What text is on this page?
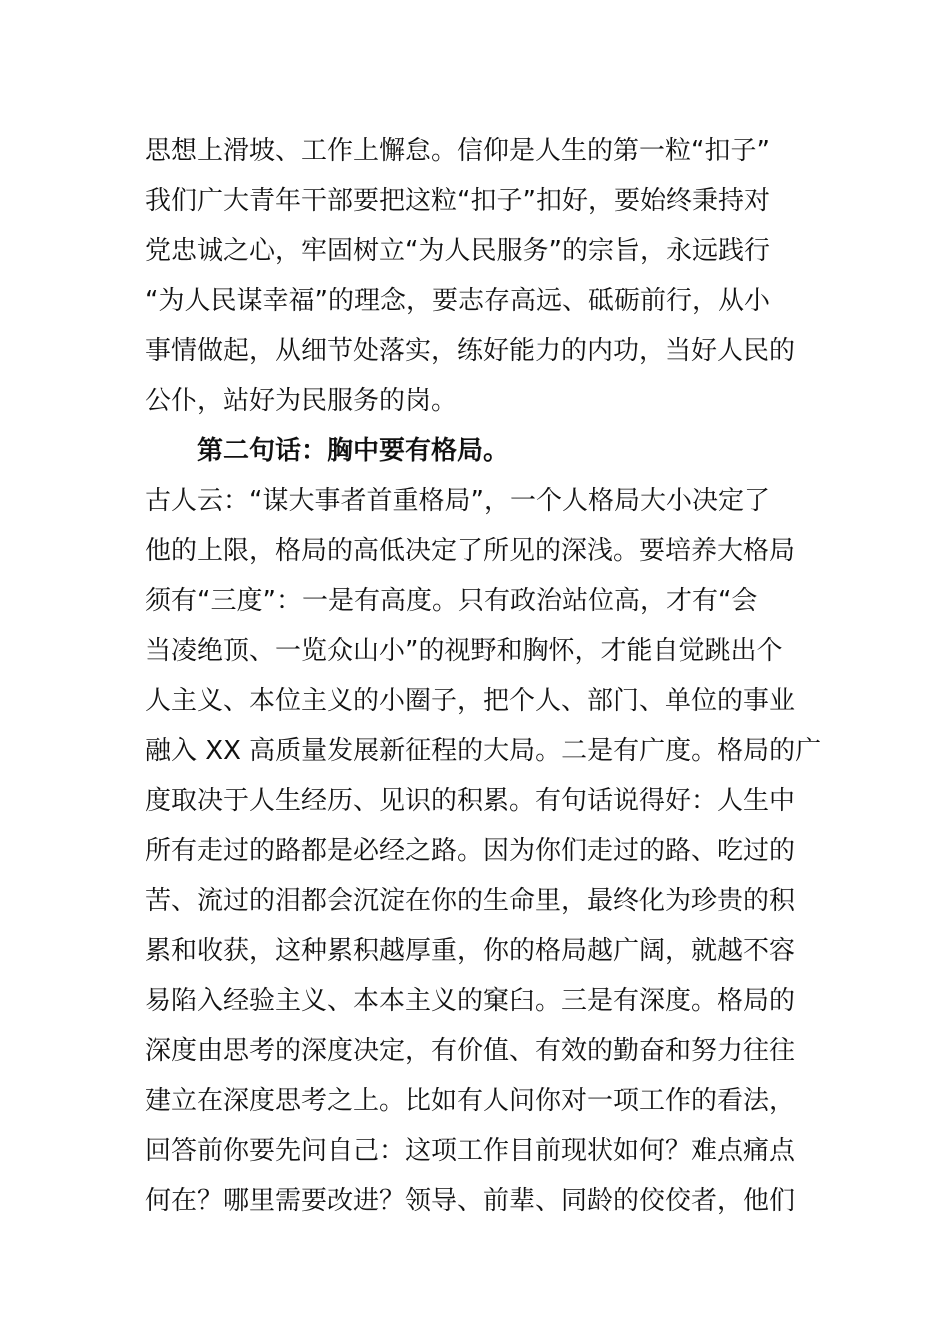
思想上滑坡、工作上懈怠。信仰是人生的第一粒“扣子”
我们广大青年干部要把这粒“扣子”扣好，要始终秉持对
党忠诚之心，牢固树立“为人民服务”的宗旨，永远践行
“为人民谋幸福”的理念，要志存高远、砥砺前行，从小
事情做起，从细节处落实，练好能力的内功，当好人民的
公仆，站好为民服务的岗。
第二句话：胸中要有格局。
古人云：“谋大事者首重格局”，一个人格局大小决定了
他的上限，格局的高低决定了所见的深浅。要培养大格局
须有“三度”：一是有高度。只有政治站位高，才有“会
当凌绝顶、一览众山小”的视野和胸怀，才能自觉跳出个
人主义、本位主义的小圈子，把个人、部门、单位的事业
融入 XX 高质量发展新征程的大局。二是有广度。格局的广
度取决于人生经历、见识的积累。有句话说得好：人生中
所有走过的路都是必经之路。因为你们走过的路、吃过的
苦、流过的泪都会沉淀在你的生命里，最终化为珍贵的积
累和收获，这种累积越厚重，你的格局越广阔，就越不容
易陷入经验主义、本本主义的窠臼。三是有深度。格局的
深度由思考的深度决定，有价值、有效的勤奋和努力往往
建立在深度思考之上。比如有人问你对一项工作的看法，
回答前你要先问自己：这项工作目前现状如何？难点痛点
何在？哪里需要改进？领导、前辈、同龄的佼佼者，他们
